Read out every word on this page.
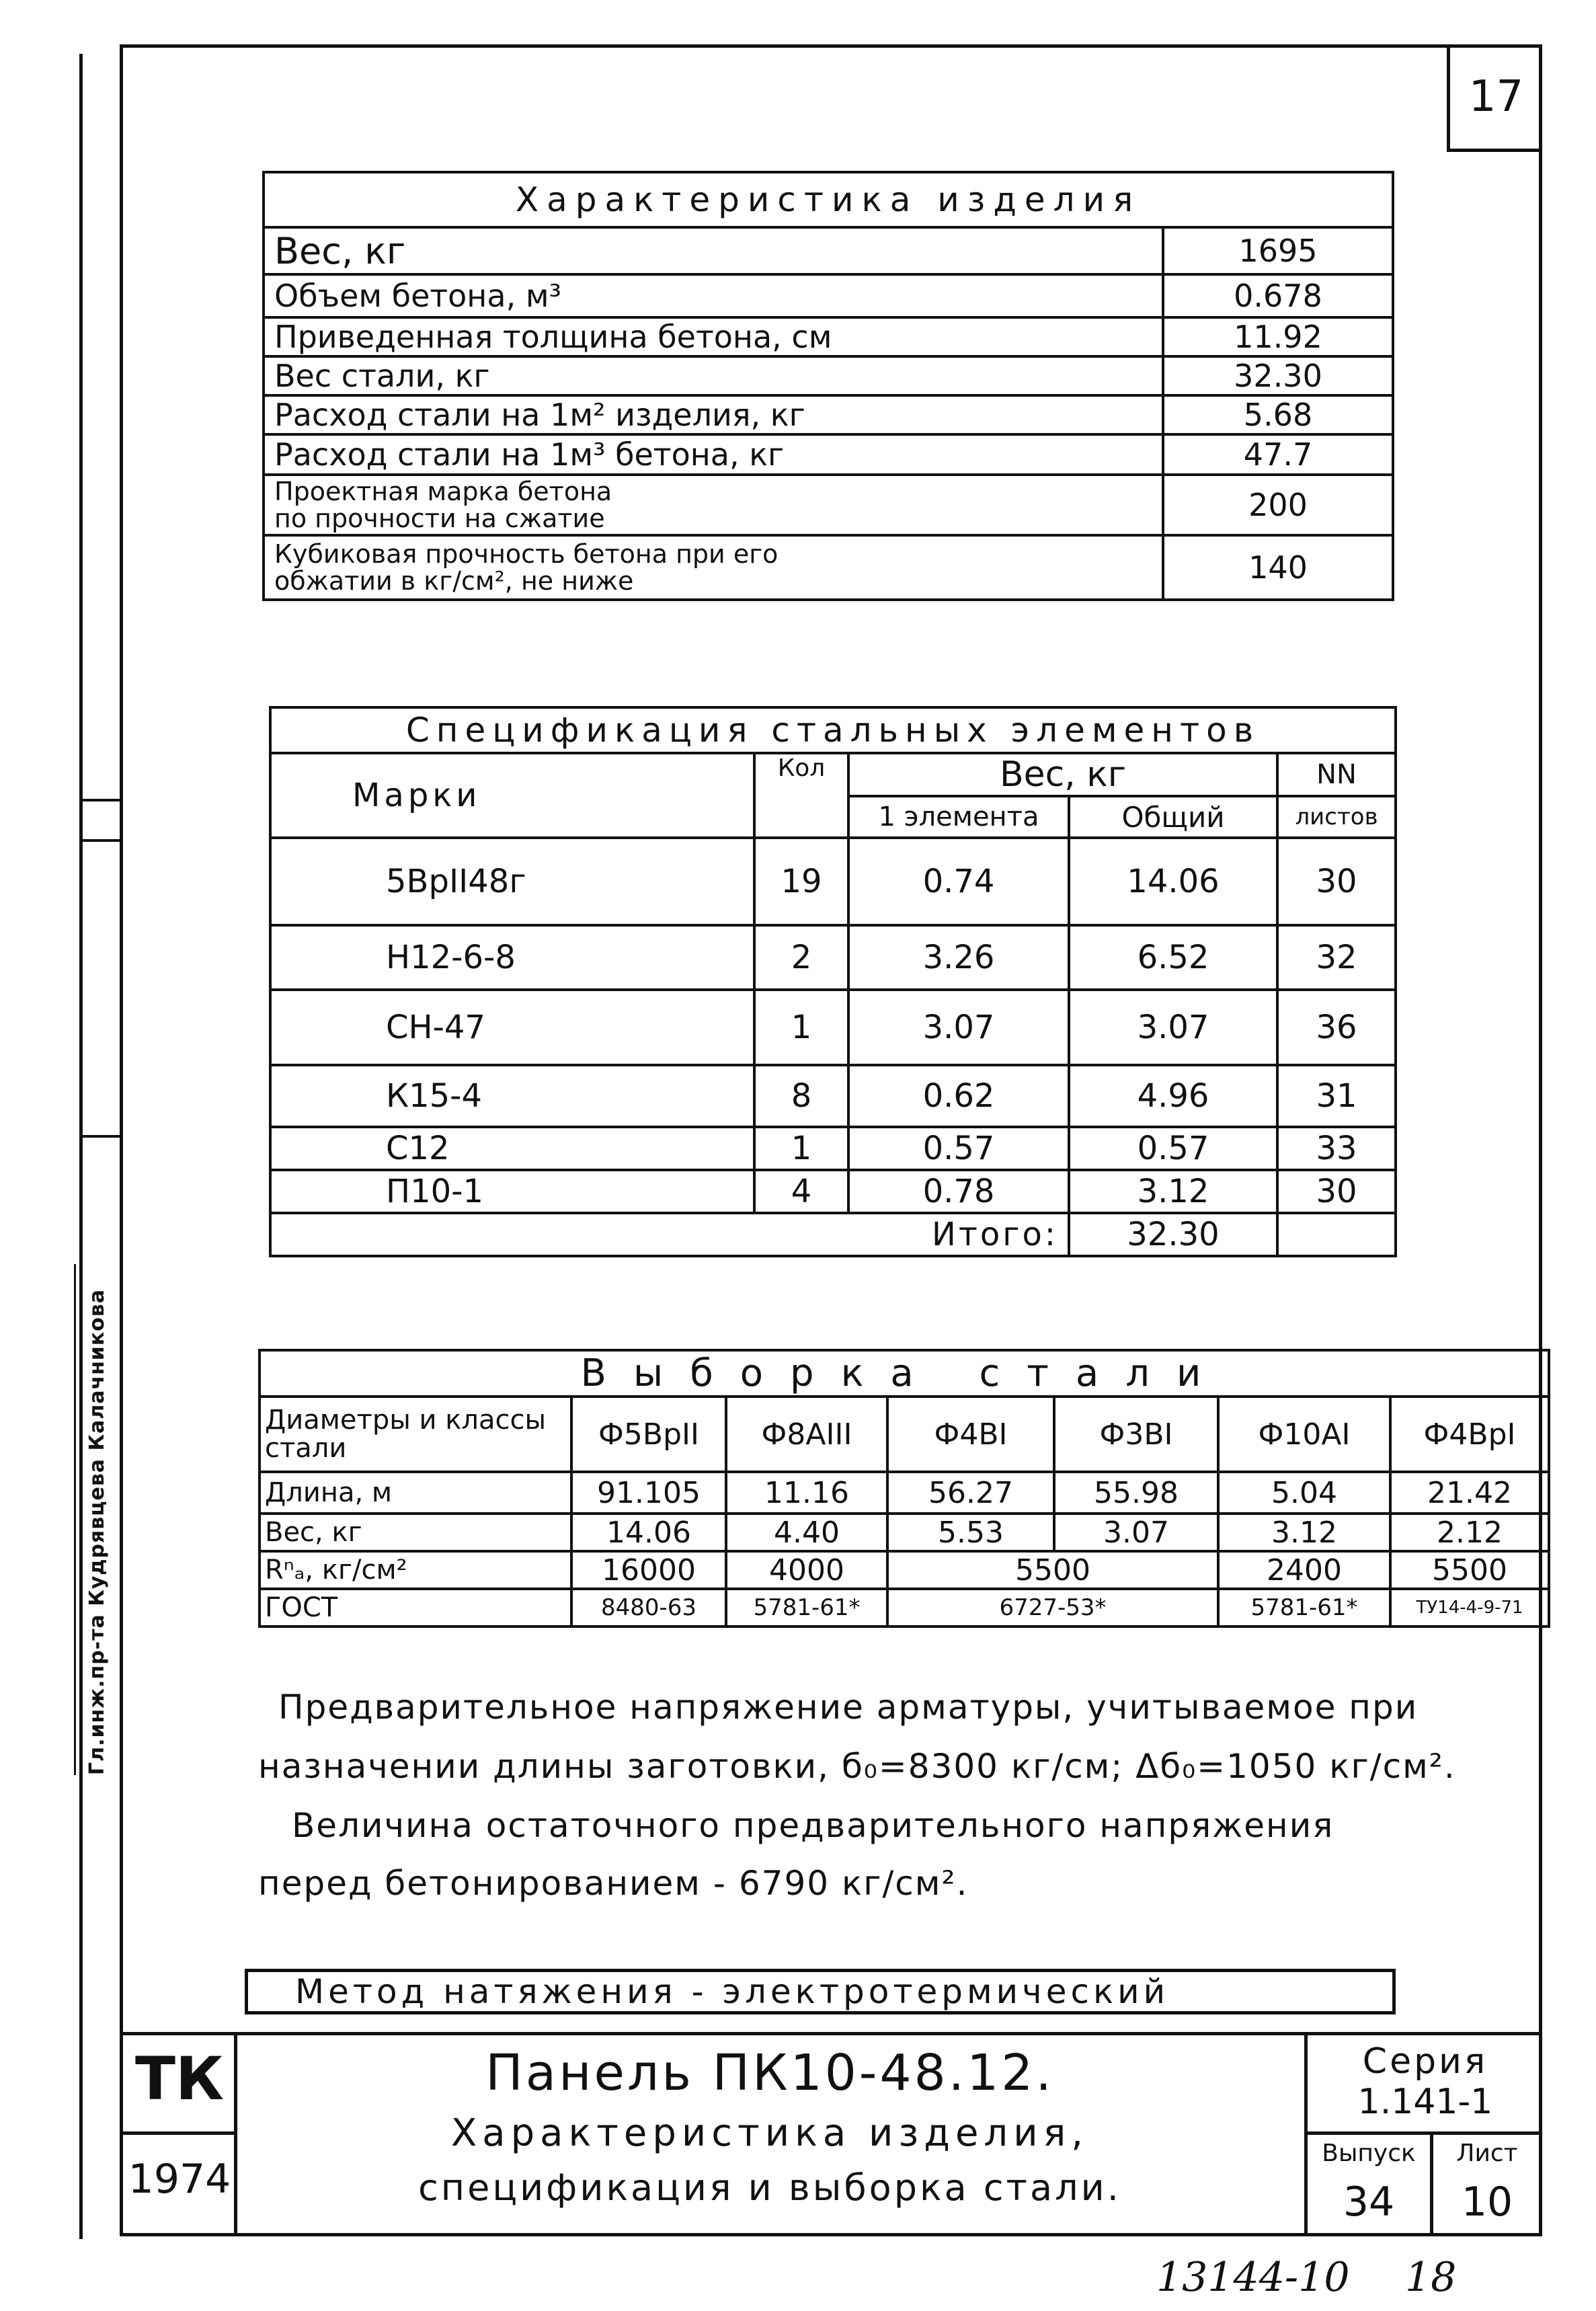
17
Гл.инж.пр-та Кудрявцева Калачникова
Характеристика изделия	
Вес, кг	1695
Объем бетона, м³	0.678
Приведенная толщина бетона, см	11.92
Вес стали, кг	32.30
Расход стали на 1м² изделия, кг	5.68
Расход стали на 1м³ бетона, кг	47.7

Проектная марка бетона
по прочности на сжатие	200

Кубиковая прочность бетона при его
обжатии в кг/см², не ниже	140
Спецификация стальных элементов				
Марки	Кол	Вес, кг		NN
		1 элемента	Общий	листов
5ВрII48г	19	0.74	14.06	30
Н12-6-8	2	3.26	6.52	32
СН-47	1	3.07	3.07	36
К15-4	8	0.62	4.96	31
С12	1	0.57	0.57	33
П10-1	4	0.78	3.12	30
Итого:			32.30	
Выборка стали						
Диаметры и классы стали	Ф5ВрII	Ф8АIII	Ф4ВI	Ф3ВI	Ф10АI	Ф4ВрI
Длина, м	91.105	11.16	56.27	55.98	5.04	21.42
Вес, кг	14.06	4.40	5.53	3.07	3.12	2.12
Rⁿₐ, кг/см²	16000	4000	5500		2400	5500
ГОСТ	8480-63	5781-61*	6727-53*		5781-61*	ТУ14-4-9-71
Предварительное напряжение арматуры, учитываемое при
назначении длины заготовки, б₀=8300 кг/см; Δб₀=1050 кг/см².
Величина остаточного предварительного напряжения
перед бетонированием - 6790 кг/см².
Метод натяжения - электротермический
ТК
1974
Панель ПК10-48.12.
Характеристика изделия,
спецификация и выборка стали.
Серия
1.141-1
Выпуск	Лист
34	10
13144-10 18
